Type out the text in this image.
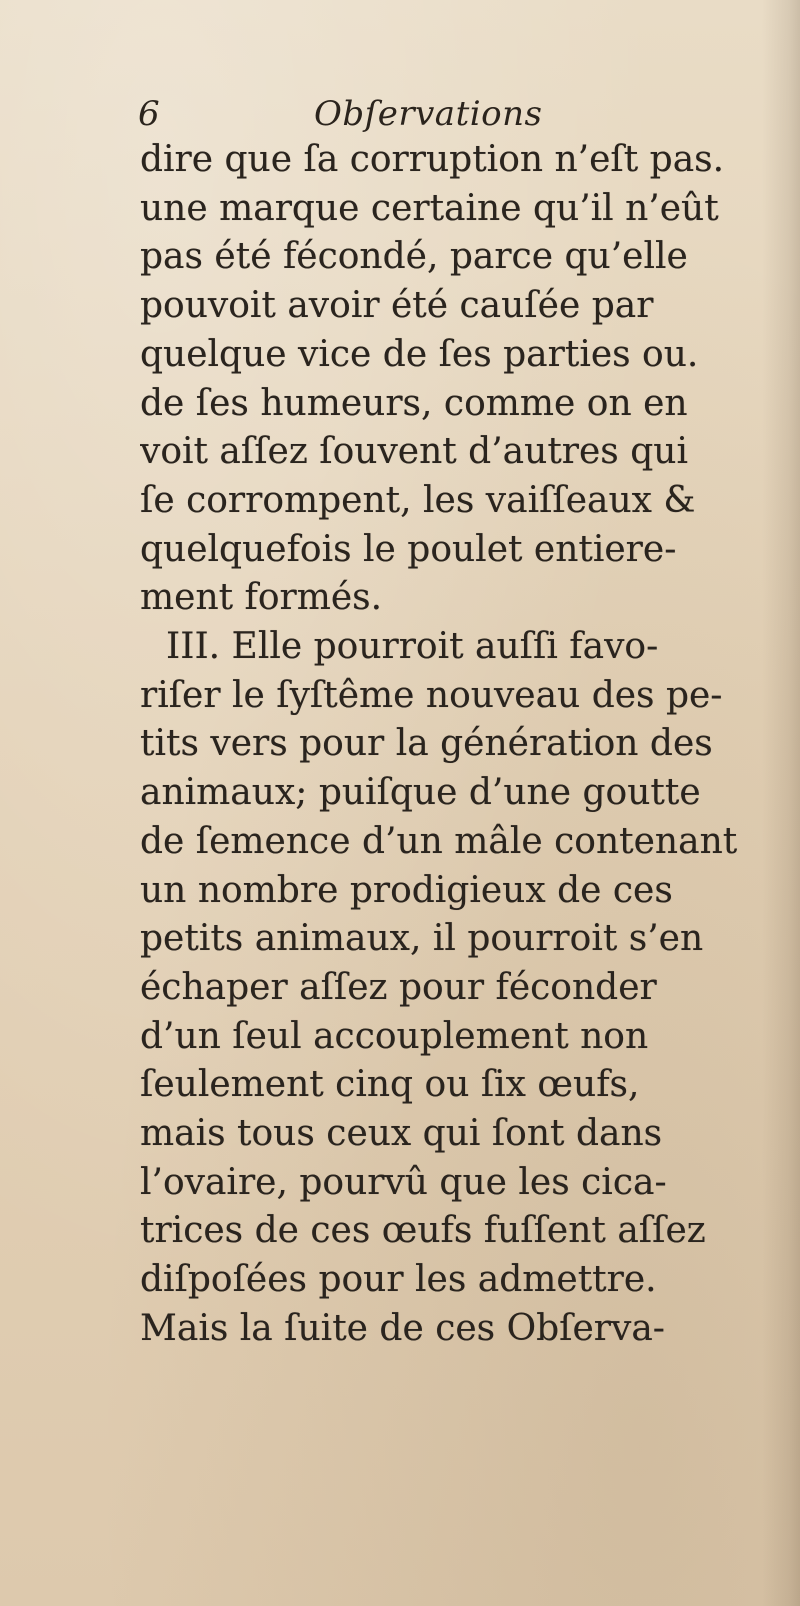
6	Obſervations
dire que ſa corruption n’eſt pas.
une marque certaine qu’il n’eût
pas été fécondé, parce qu’elle
pouvoit avoir été cauſée par
quelque vice de ſes parties ou.
de ſes humeurs, comme on en
voit aſſez ſouvent d’autres qui
ſe corrompent, les vaiſſeaux &
quelquefois le poulet entiere-
ment formés.
III. Elle pourroit auſſi favo-
riſer le ſyſtême nouveau des pe-
tits vers pour la génération des
animaux; puiſque d’une goutte
de ſemence d’un mâle contenant
un nombre prodigieux de ces
petits animaux, il pourroit s’en
échaper aſſez pour féconder
d’un ſeul accouplement non
ſeulement cinq ou ſix œufs,
mais tous ceux qui ſont dans
l’ovaire, pourvû que les cica-
trices de ces œufs fuſſent aſſez
diſpoſées pour les admettre.
Mais la ſuite de ces Obſerva-
